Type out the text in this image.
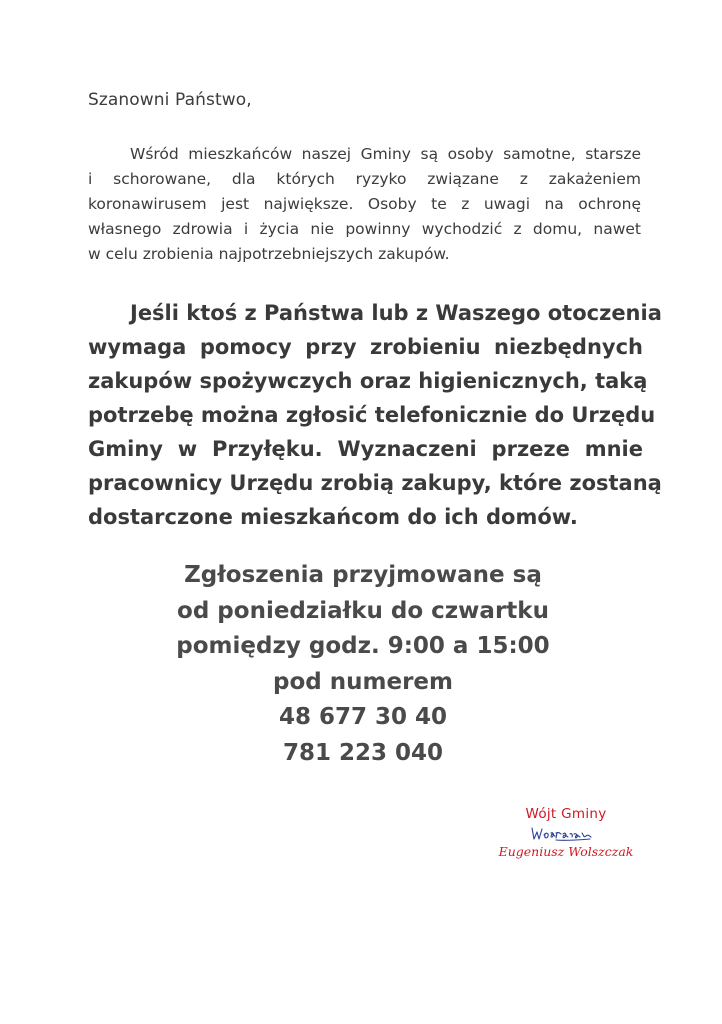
Szanowni Państwo,
Wśród mieszkańców naszej Gminy są osoby samotne, starsze
i schorowane, dla których ryzyko związane z zakażeniem
koronawirusem jest największe. Osoby te z uwagi na ochronę
własnego zdrowia i życia nie powinny wychodzić z domu, nawet
w celu zrobienia najpotrzebniejszych zakupów.
Jeśli ktoś z Państwa lub z Waszego otoczenia
wymaga pomocy przy zrobieniu niezbędnych
zakupów spożywczych oraz higienicznych, taką
potrzebę można zgłosić telefonicznie do Urzędu
Gminy w Przyłęku. Wyznaczeni przeze mnie
pracownicy Urzędu zrobią zakupy, które zostaną
dostarczone mieszkańcom do ich domów.
Zgłoszenia przyjmowane są
od poniedziałku do czwartku
pomiędzy godz. 9:00 a 15:00
pod numerem
48 677 30 40
781 223 040
Wójt Gminy
Eugeniusz Wolszczak
